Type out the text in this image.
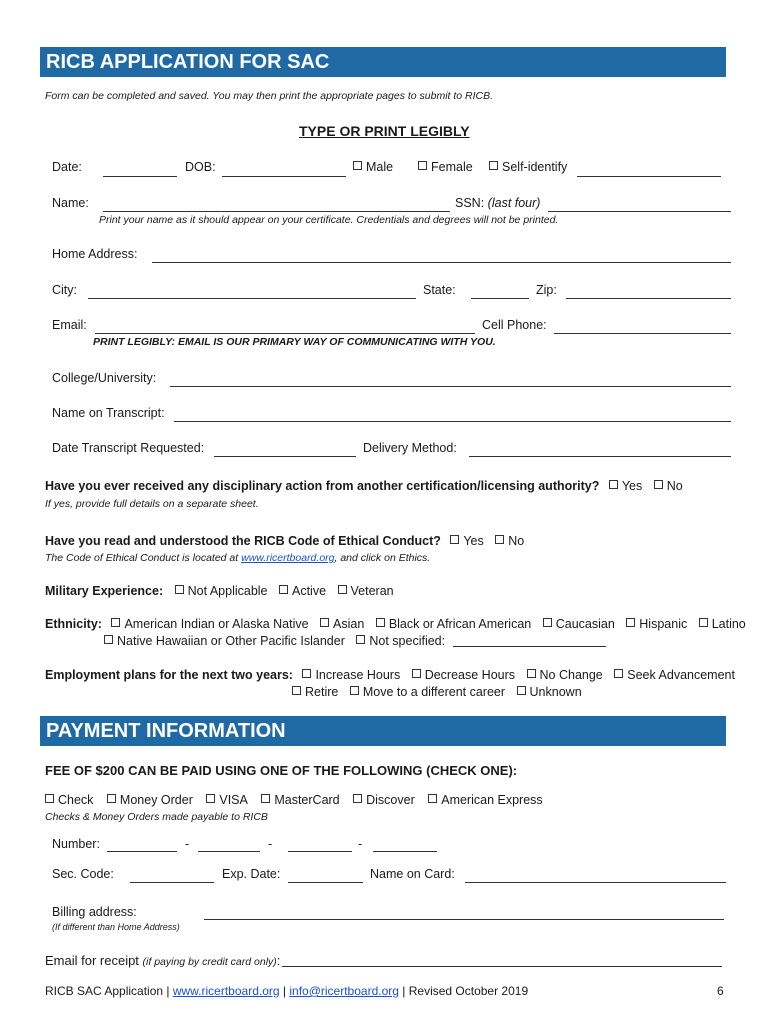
RICB APPLICATION FOR SAC
Form can be completed and saved. You may then print the appropriate pages to submit to RICB.
TYPE OR PRINT LEGIBLY
Date:	DOB:	Male	Female	Self-identify
Name:	SSN: (last four)
Print your name as it should appear on your certificate. Credentials and degrees will not be printed.
Home Address:
City:	State:	Zip:
Email:	Cell Phone:
PRINT LEGIBLY: EMAIL IS OUR PRIMARY WAY OF COMMUNICATING WITH YOU.
College/University:
Name on Transcript:
Date Transcript Requested:	Delivery Method:
Have you ever received any disciplinary action from another certification/licensing authority? Yes No
If yes, provide full details on a separate sheet.
Have you read and understood the RICB Code of Ethical Conduct? Yes No
The Code of Ethical Conduct is located at www.ricertboard.org, and click on Ethics.
Military Experience: Not Applicable Active Veteran
Ethnicity: American Indian or Alaska Native Asian Black or African American Caucasian Hispanic Latino
Native Hawaiian or Other Pacific Islander Not specified:
Employment plans for the next two years: Increase Hours Decrease Hours No Change Seek Advancement
Retire Move to a different career Unknown
PAYMENT INFORMATION
FEE OF $200 CAN BE PAID USING ONE OF THE FOLLOWING (CHECK ONE):
Check Money Order VISA MasterCard Discover American Express
Checks & Money Orders made payable to RICB
Number:	-	-	-
Sec. Code:	Exp. Date:	Name on Card:
Billing address:
(If different than Home Address)
Email for receipt (if paying by credit card only):
RICB SAC Application | www.ricertboard.org | info@ricertboard.org | Revised October 2019	6
